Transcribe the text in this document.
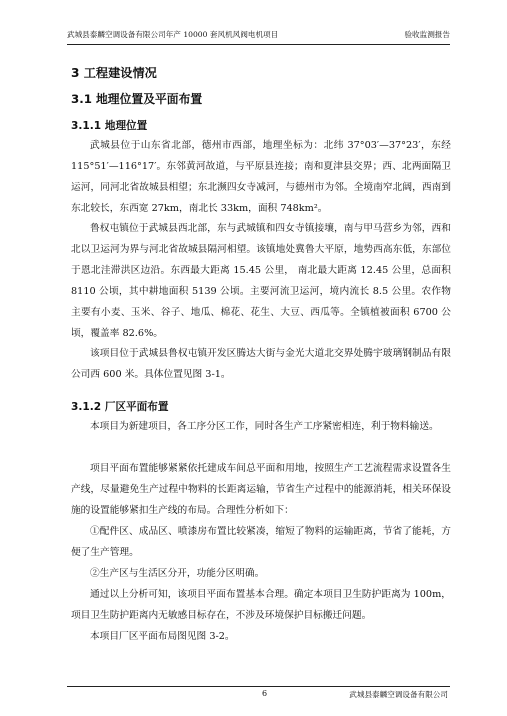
武城县泰麟空调设备有限公司年产 10000 套风机风阀电机项目	验收监测报告
3 工程建设情况
3.1 地理位置及平面布置
3.1.1 地理位置

武城县位于山东省北部，德州市西部，地理坐标为：北纬 37°03′—37°23′，东经 115°51′—116°17′。东邻黄河故道，与平原县连接；南和夏津县交界；西、北两面隔卫运河，同河北省故城县相望；东北濒四女寺减河，与德州市为邻。全境南窄北阔，西南到东北较长，东西宽 27km，南北长 33km，面积 748km²。

鲁权屯镇位于武城县西北部，东与武城镇和四女寺镇接壤，南与甲马营乡为邻，西和北以卫运河为界与河北省故城县隔河相望。该镇地处冀鲁大平原，地势西高东低，东部位于恩北洼滞洪区边沿。东西最大距离 15.45 公里， 南北最大距离 12.45 公里，总面积 8110 公顷，其中耕地面积 5139 公顷。主要河流卫运河，境内流长 8.5 公里。农作物主要有小麦、玉米、谷子、地瓜、棉花、花生、大豆、西瓜等。全镇植被面积 6700 公顷，覆盖率 82.6%。

该项目位于武城县鲁权屯镇开发区腾达大街与金光大道北交界处腾宇玻璃钢制品有限公司西 600 米。具体位置见图 3-1。

3.1.2 厂区平面布置

本项目为新建项目，各工序分区工作，同时各生产工序紧密相连，利于物料输送。

项目平面布置能够紧紧依托建成车间总平面和用地，按照生产工艺流程需求设置各生产线，尽量避免生产过程中物料的长距离运输，节省生产过程中的能源消耗，相关环保设施的设置能够紧扣生产线的布局。合理性分析如下：

①配件区、成品区、喷漆房布置比较紧凑，缩短了物料的运输距离，节省了能耗，方便了生产管理。

②生产区与生活区分开，功能分区明确。

通过以上分析可知，该项目平面布置基本合理。确定本项目卫生防护距离为 100m，项目卫生防护距离内无敏感目标存在，不涉及环境保护目标搬迁问题。

本项目厂区平面布局图见图 3-2。

6	武城县泰麟空调设备有限公司
